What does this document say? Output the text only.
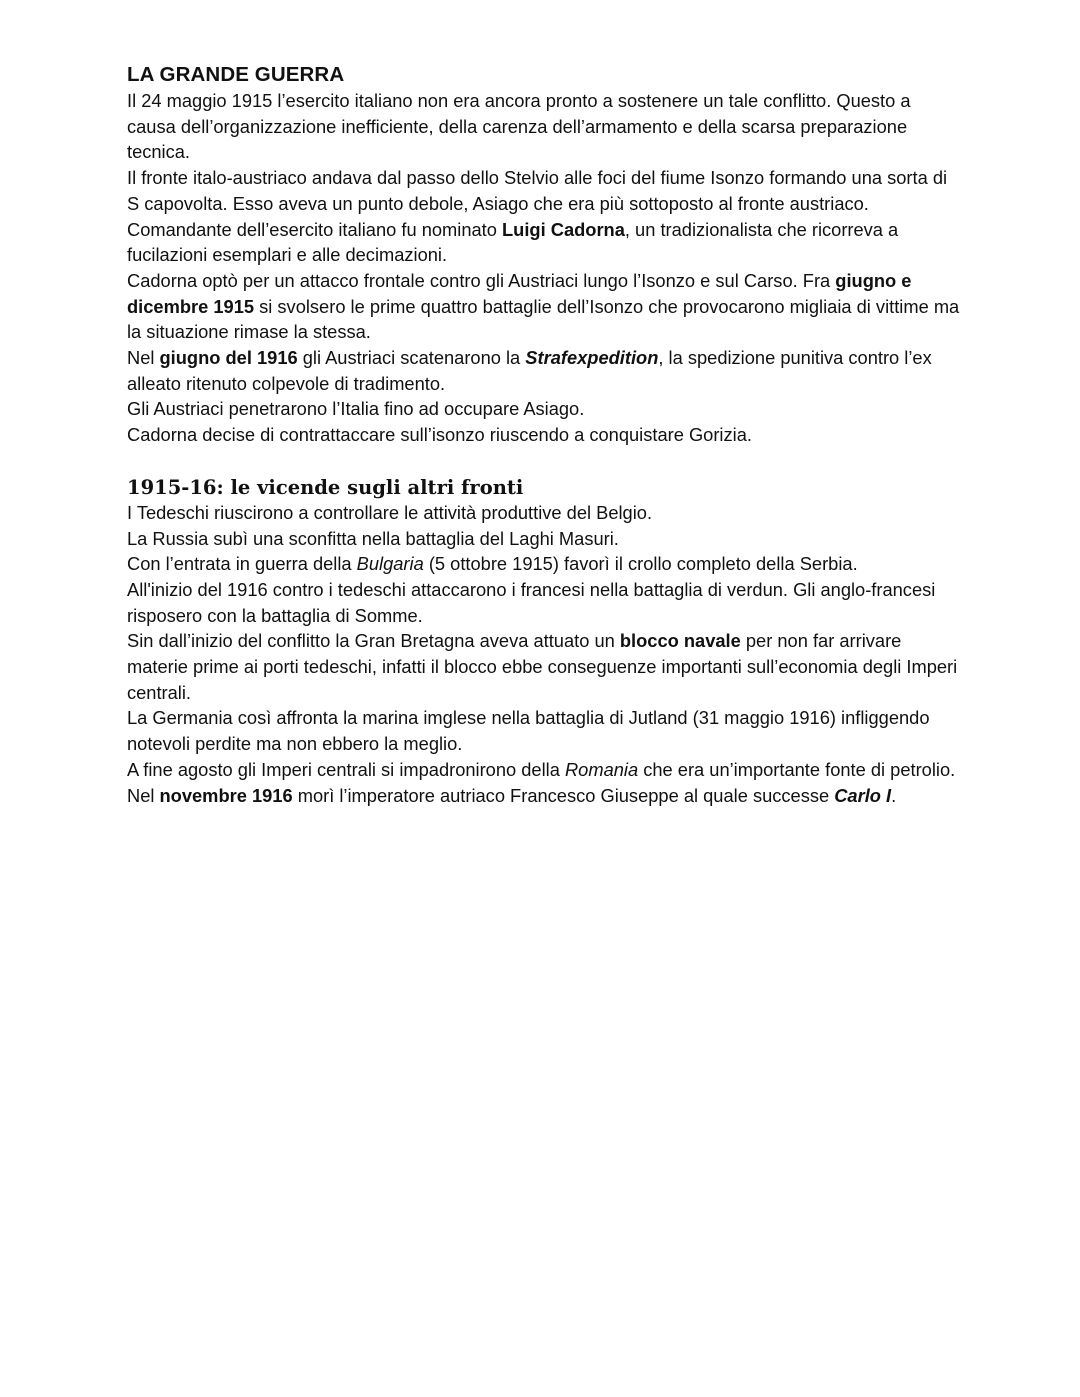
LA GRANDE GUERRA

Il 24 maggio 1915 l’esercito italiano non era ancora pronto a sostenere un tale conflitto. Questo a causa dell’organizzazione inefficiente, della carenza dell’armamento e della scarsa preparazione tecnica.

Il fronte italo-austriaco andava dal passo dello Stelvio alle foci del fiume Isonzo formando una sorta di S capovolta. Esso aveva un punto debole, Asiago che era più sottoposto al fronte austriaco.

Comandante dell’esercito italiano fu nominato Luigi Cadorna, un tradizionalista che ricorreva a fucilazioni esemplari e alle decimazioni.

Cadorna optò per un attacco frontale contro gli Austriaci lungo l’Isonzo e sul Carso. Fra giugno e dicembre 1915 si svolsero le prime quattro battaglie dell’Isonzo che provocarono migliaia di vittime ma la situazione rimase la stessa.

Nel giugno del 1916 gli Austriaci scatenarono la Strafexpedition, la spedizione punitiva contro l’ex alleato ritenuto colpevole di tradimento.

Gli Austriaci penetrarono l’Italia fino ad occupare Asiago.

Cadorna decise di contrattaccare sull’isonzo riuscendo a conquistare Gorizia.

1915-16: le vicende sugli altri fronti

I Tedeschi riuscirono a controllare le attività produttive del Belgio.

La Russia subì una sconfitta nella battaglia del Laghi Masuri.

Con l’entrata in guerra della Bulgaria (5 ottobre 1915) favorì il crollo completo della Serbia.

All'inizio del 1916 contro i tedeschi attaccarono i francesi nella battaglia di verdun. Gli anglo-francesi risposero con la battaglia di Somme.

Sin dall’inizio del conflitto la Gran Bretagna aveva attuato un blocco navale per non far arrivare materie prime ai porti tedeschi, infatti il blocco ebbe conseguenze importanti sull’economia degli Imperi centrali.

La Germania così affronta la marina imglese nella battaglia di Jutland (31 maggio 1916) infliggendo notevoli perdite ma non ebbero la meglio.

A fine agosto gli Imperi centrali si impadronirono della Romania che era un’importante fonte di petrolio.

Nel novembre 1916 morì l’imperatore autriaco Francesco Giuseppe al quale successe Carlo I.
